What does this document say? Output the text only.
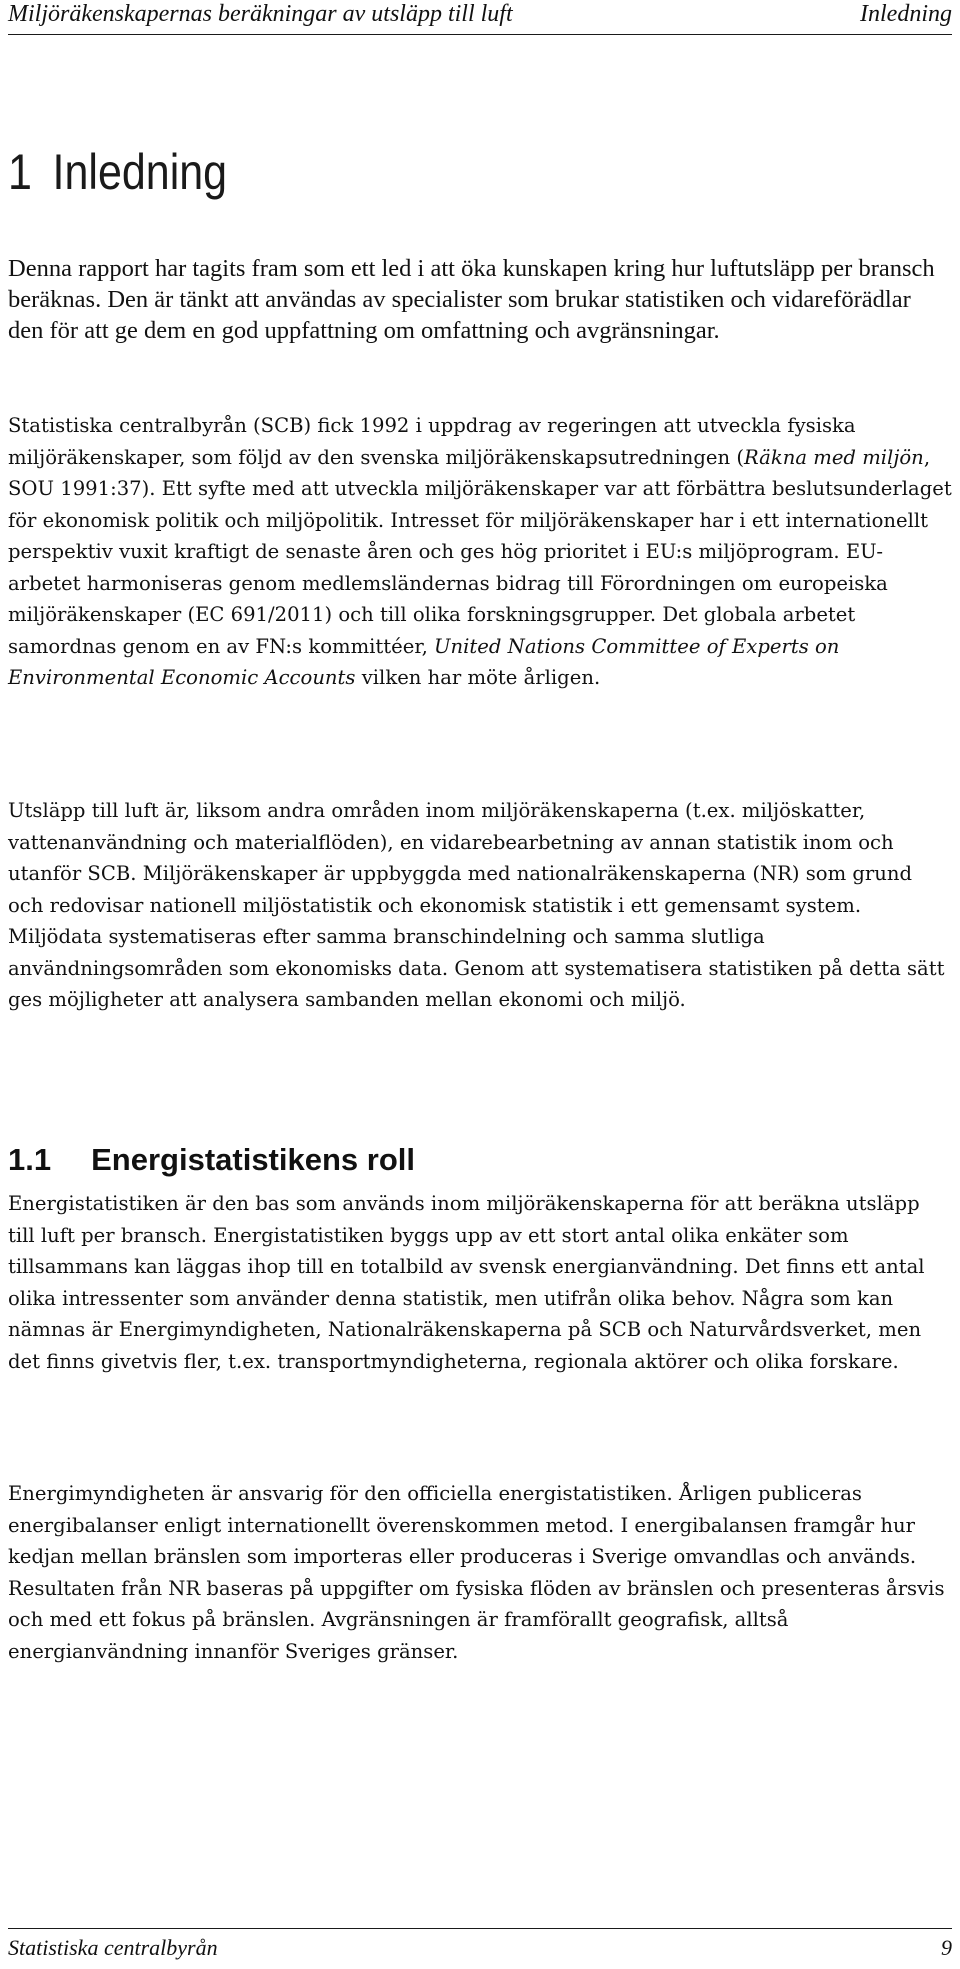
Miljöräkenskapernas beräkningar av utsläpp till luft	Inledning
1 Inledning

Denna rapport har tagits fram som ett led i att öka kunskapen kring hur luftutsläpp per bransch beräknas. Den är tänkt att användas av specialister som brukar statistiken och vidareförädlar den för att ge dem en god uppfattning om omfattning och avgränsningar.

Statistiska centralbyrån (SCB) fick 1992 i uppdrag av regeringen att utveckla fysiska miljöräkenskaper, som följd av den svenska miljöräkenskapsutredningen (Räkna med miljön, SOU 1991:37). Ett syfte med att utveckla miljöräkenskaper var att förbättra beslutsunderlaget för ekonomisk politik och miljöpolitik. Intresset för miljöräkenskaper har i ett internationellt perspektiv vuxit kraftigt de senaste åren och ges hög prioritet i EU:s miljöprogram. EU-arbetet harmoniseras genom medlemsländernas bidrag till Förordningen om europeiska miljöräkenskaper (EC 691/2011) och till olika forskningsgrupper. Det globala arbetet samordnas genom en av FN:s kommittéer, United Nations Committee of Experts on Environmental Economic Accounts vilken har möte årligen.

Utsläpp till luft är, liksom andra områden inom miljöräkenskaperna (t.ex. miljöskatter, vattenanvändning och materialflöden), en vidarebearbetning av annan statistik inom och utanför SCB. Miljöräkenskaper är uppbyggda med nationalräkenskaperna (NR) som grund och redovisar nationell miljöstatistik och ekonomisk statistik i ett gemensamt system. Miljödata systematiseras efter samma branschindelning och samma slutliga användningsområden som ekonomisks data. Genom att systematisera statistiken på detta sätt ges möjligheter att analysera sambanden mellan ekonomi och miljö.

1.1 Energistatistikens roll

Energistatistiken är den bas som används inom miljöräkenskaperna för att beräkna utsläpp till luft per bransch. Energistatistiken byggs upp av ett stort antal olika enkäter som tillsammans kan läggas ihop till en totalbild av svensk energianvändning. Det finns ett antal olika intressenter som använder denna statistik, men utifrån olika behov. Några som kan nämnas är Energimyndigheten, Nationalräkenskaperna på SCB och Naturvårdsverket, men det finns givetvis fler, t.ex. transportmyndigheterna, regionala aktörer och olika forskare.

Energimyndigheten är ansvarig för den officiella energistatistiken. Årligen publiceras energibalanser enligt internationellt överenskommen metod. I energibalansen framgår hur kedjan mellan bränslen som importeras eller produceras i Sverige omvandlas och används. Resultaten från NR baseras på uppgifter om fysiska flöden av bränslen och presenteras årsvis och med ett fokus på bränslen. Avgränsningen är framförallt geografisk, alltså energianvändning innanför Sveriges gränser.

Statistiska centralbyrån	9
